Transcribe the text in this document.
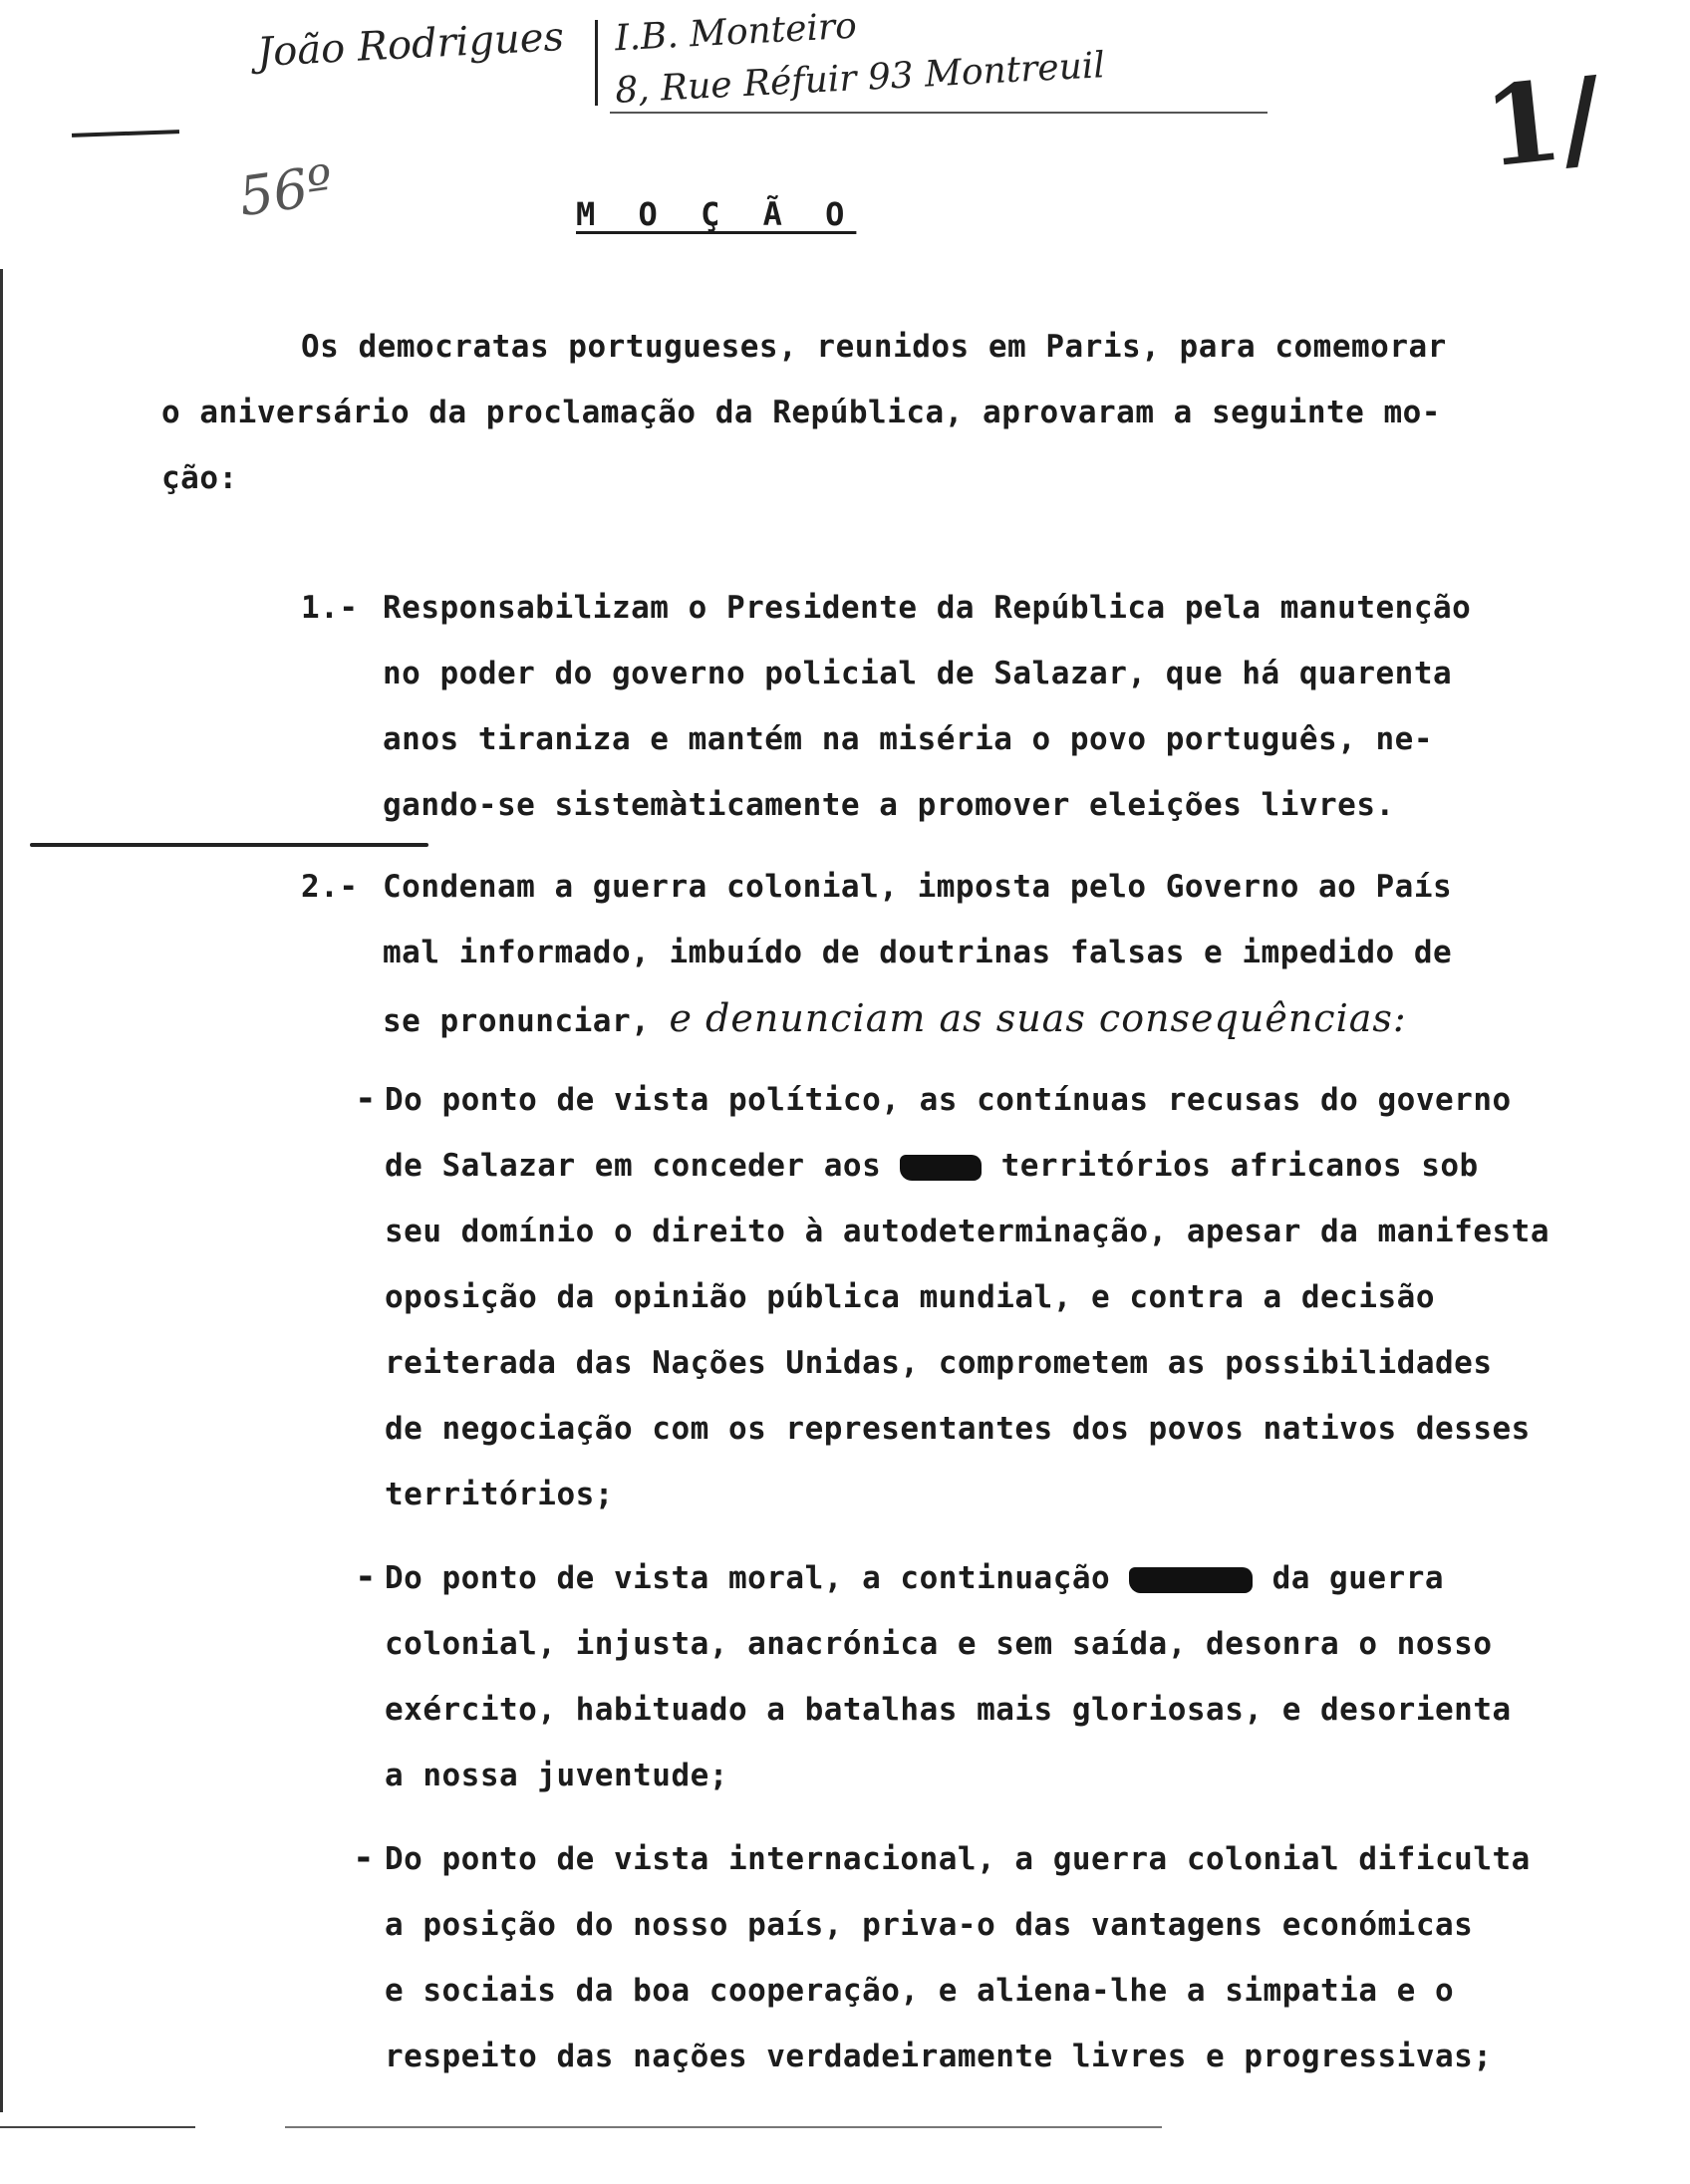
João Rodrigues I.B. Monteiro
8, Rue Réfuir 93 Montreuil
56º	1/
M O Ç Ã O
Os democratas portugueses, reunidos em Paris, para comemorar
o aniversário da proclamação da República, aprovaram a seguinte mo-
ção:
1.- Responsabilizam o Presidente da República pela manutenção
no poder do governo policial de Salazar, que há quarenta
anos tiraniza e mantém na miséria o povo português, ne-
gando-se sistemàticamente a promover eleições livres.
2.- Condenam a guerra colonial, imposta pelo Governo ao País
mal informado, imbuído de doutrinas falsas e impedido de
se pronunciar, e denunciam as suas consequências:
- Do ponto de vista político, as contínuas recusas do governo
de Salazar em conceder aos	territórios africanos sob
seu domínio o direito à autodeterminação, apesar da manifesta
oposição da opinião pública mundial, e contra a decisão
reiterada das Nações Unidas, comprometem as possibilidades
de negociação com os representantes dos povos nativos desses
territórios;
- Do ponto de vista moral, a continuação	da guerra
colonial, injusta, anacrónica e sem saída, desonra o nosso
exército, habituado a batalhas mais gloriosas, e desorienta
a nossa juventude;
- Do ponto de vista internacional, a guerra colonial dificulta
a posição do nosso país, priva-o das vantagens económicas
e sociais da boa cooperação, e aliena-lhe a simpatia e o
respeito das nações verdadeiramente livres e progressivas;
